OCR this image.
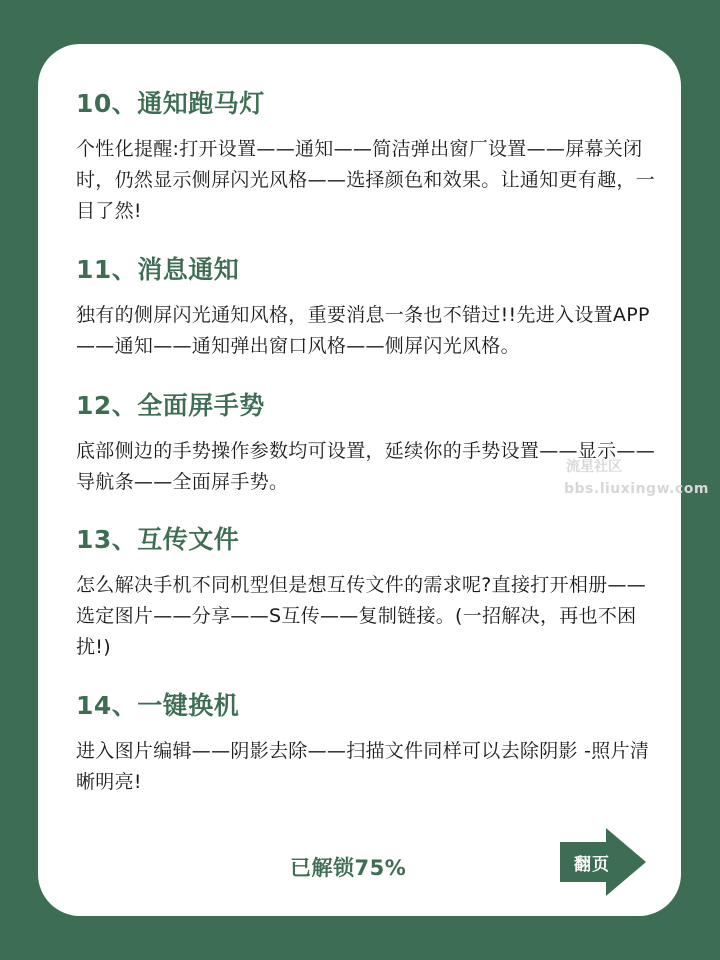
10、通知跑马灯

个性化提醒:打开设置——通知——简洁弹出窗厂设置——屏幕关闭时，仍然显示侧屏闪光风格——选择颜色和效果。让通知更有趣，一目了然!

11、消息通知

独有的侧屏闪光通知风格，重要消息一条也不错过!!先进入设置APP——通知——通知弹出窗口风格——侧屏闪光风格。

12、全面屏手势

底部侧边的手势操作参数均可设置，延续你的手势设置——显示——导航条——全面屏手势。

13、互传文件

怎么解决手机不同机型但是想互传文件的需求呢?直接打开相册——选定图片——分享——S互传——复制链接。(一招解决，再也不困扰!)

14、一键换机

进入图片编辑——阴影去除——扫描文件同样可以去除阴影 -照片清晰明亮!

流星社区
bbs.liuxingw.com
已解锁75%	翻页
